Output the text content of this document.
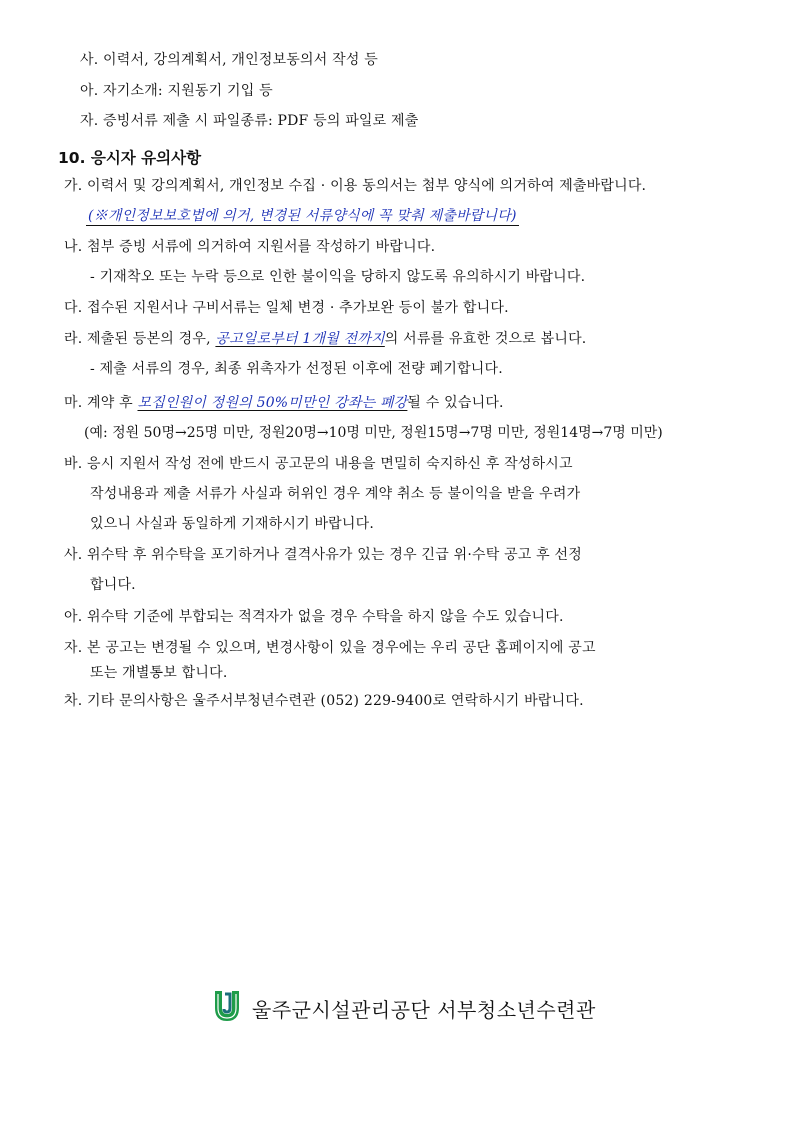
사. 이력서, 강의계획서, 개인정보동의서 작성 등
아. 자기소개: 지원동기 기입 등
자. 증빙서류 제출 시 파일종류: PDF 등의 파일로 제출
10. 응시자 유의사항
가. 이력서 및 강의계획서, 개인정보 수집 · 이용 동의서는 첨부 양식에 의거하여 제출바랍니다.
(※개인정보보호법에 의거, 변경된 서류양식에 꼭 맞춰 제출바랍니다)
나. 첨부 증빙 서류에 의거하여 지원서를 작성하기 바랍니다.
- 기재착오 또는 누락 등으로 인한 불이익을 당하지 않도록 유의하시기 바랍니다.
다. 접수된 지원서나 구비서류는 일체 변경 · 추가보완 등이 불가 합니다.
라. 제출된 등본의 경우, 공고일로부터 1개월 전까지의 서류를 유효한 것으로 봅니다.
- 제출 서류의 경우, 최종 위촉자가 선정된 이후에 전량 폐기합니다.
마. 계약 후 모집인원이 정원의 50%미만인 강좌는 폐강될 수 있습니다.
(예: 정원 50명→25명 미만, 정원20명→10명 미만, 정원15명→7명 미만, 정원14명→7명 미만)
바. 응시 지원서 작성 전에 반드시 공고문의 내용을 면밀히 숙지하신 후 작성하시고
작성내용과 제출 서류가 사실과 허위인 경우 계약 취소 등 불이익을 받을 우려가
있으니 사실과 동일하게 기재하시기 바랍니다.
사. 위수탁 후 위수탁을 포기하거나 결격사유가 있는 경우 긴급 위·수탁 공고 후 선정
합니다.
아. 위수탁 기준에 부합되는 적격자가 없을 경우 수탁을 하지 않을 수도 있습니다.
자. 본 공고는 변경될 수 있으며, 변경사항이 있을 경우에는 우리 공단 홈페이지에 공고
또는 개별통보 합니다.
차. 기타 문의사항은 울주서부청년수련관 (052) 229-9400로 연락하시기 바랍니다.
울주군시설관리공단 서부청소년수련관
